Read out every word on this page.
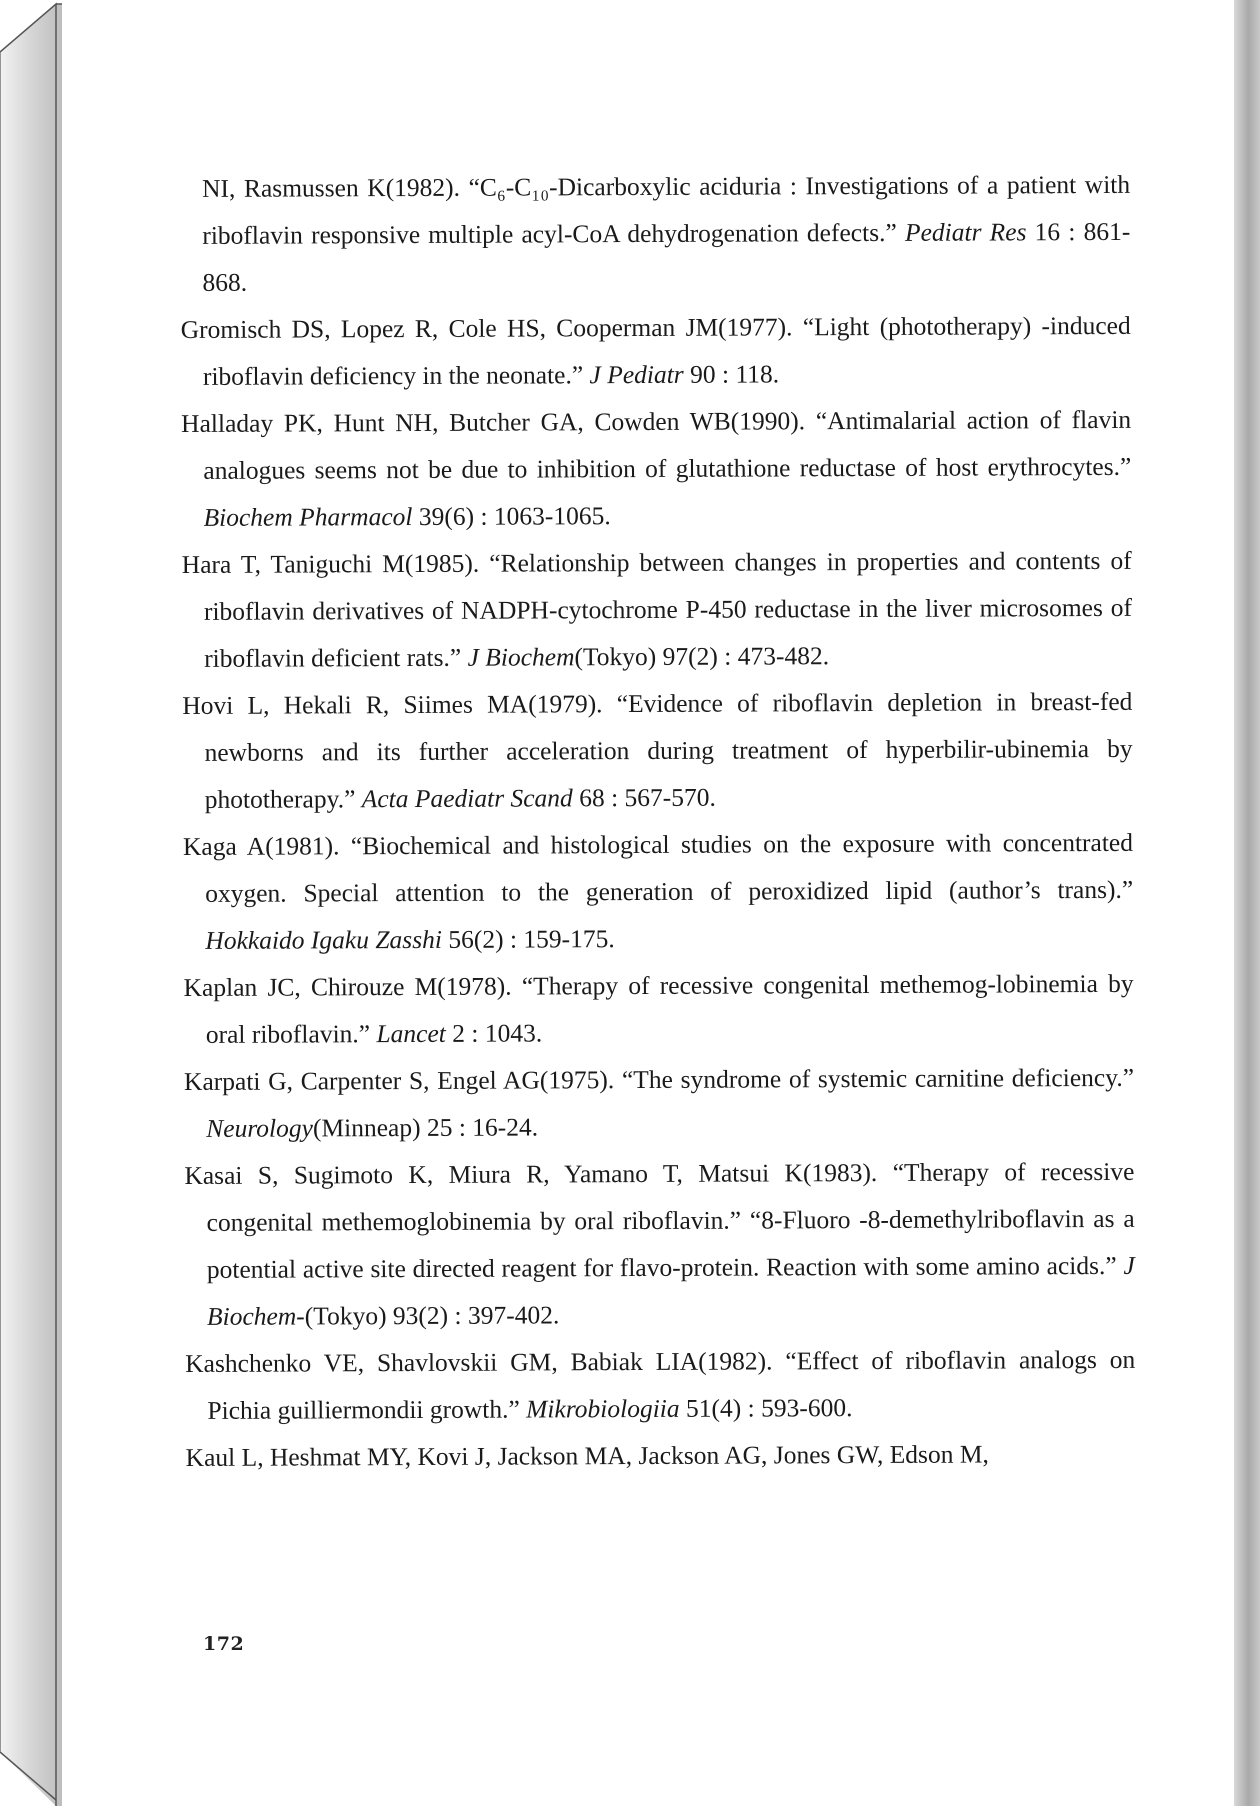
NI, Rasmussen K(1982). “C₆-C₁₀-Dicarboxylic aciduria : Investigations of a patient with riboflavin responsive multiple acyl-CoA dehydrogenation defects.” Pediatr Res 16 : 861-868.
Gromisch DS, Lopez R, Cole HS, Cooperman JM(1977). “Light (phototherapy) -induced riboflavin deficiency in the neonate.” J Pediatr 90 : 118.
Halladay PK, Hunt NH, Butcher GA, Cowden WB(1990). “Antimalarial action of flavin analogues seems not be due to inhibition of glutathione reductase of host erythrocytes.” Biochem Pharmacol 39(6) : 1063-1065.
Hara T, Taniguchi M(1985). “Relationship between changes in properties and contents of riboflavin derivatives of NADPH-cytochrome P-450 reductase in the liver microsomes of riboflavin deficient rats.” J Biochem(Tokyo) 97(2) : 473-482.
Hovi L, Hekali R, Siimes MA(1979). “Evidence of riboflavin depletion in breast-fed newborns and its further acceleration during treatment of hyperbilir-ubinemia by phototherapy.” Acta Paediatr Scand 68 : 567-570.
Kaga A(1981). “Biochemical and histological studies on the exposure with concentrated oxygen. Special attention to the generation of peroxidized lipid (author’s trans).” Hokkaido Igaku Zasshi 56(2) : 159-175.
Kaplan JC, Chirouze M(1978). “Therapy of recessive congenital methemog-lobinemia by oral riboflavin.” Lancet 2 : 1043.
Karpati G, Carpenter S, Engel AG(1975). “The syndrome of systemic carnitine deficiency.” Neurology(Minneap) 25 : 16-24.
Kasai S, Sugimoto K, Miura R, Yamano T, Matsui K(1983). “Therapy of recessive congenital methemoglobinemia by oral riboflavin.” “8-Fluoro -8-demethylriboflavin as a potential active site directed reagent for flavo-protein. Reaction with some amino acids.” J Biochem-(Tokyo) 93(2) : 397-402.
Kashchenko VE, Shavlovskii GM, Babiak LIA(1982). “Effect of riboflavin analogs on Pichia guilliermondii growth.” Mikrobiologiia 51(4) : 593-600.
Kaul L, Heshmat MY, Kovi J, Jackson MA, Jackson AG, Jones GW, Edson M,
172
